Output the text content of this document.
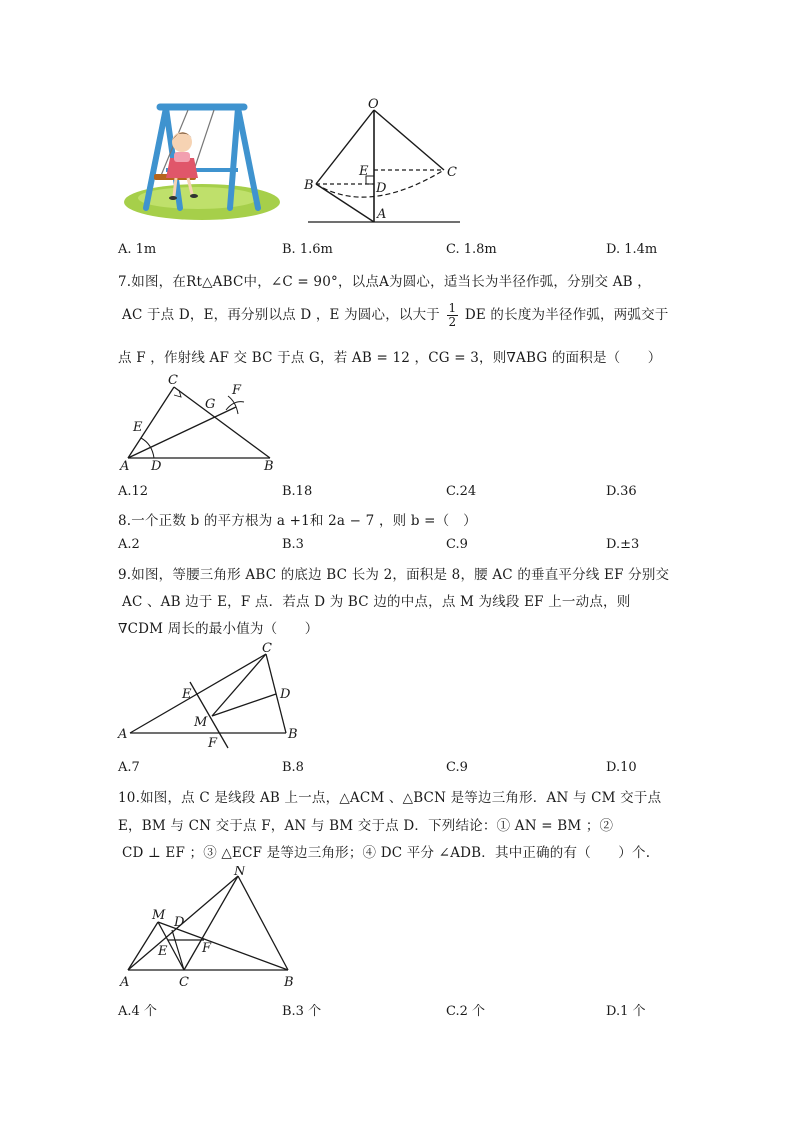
O
E	C
B	D
A
A. 1m	B. 1.6m	C. 1.8m	D. 1.4m
7.如图，在Rt△ABC中，∠C = 90°，以点A为圆心，适当长为半径作弧，分别交 AB ，
AC 于点 D，E，再分别以点 D ，E 为圆心，以大于 $\frac{1}{2}$ DE 的长度为半径作弧，两弧交于
点 F ，作射线 AF 交 BC 于点 G，若 AB = 12 ，CG = 3，则∇ABG 的面积是（　　）
C
G
F
E
A D	B
A.12	B.18	C.24	D.36
8.一个正数 b 的平方根为 a +1和 2a − 7 ，则 b =（　）
A.2	B.3	C.9	D.±3
9.如图，等腰三角形 ABC 的底边 BC 长为 2，面积是 8，腰 AC 的垂直平分线 EF 分别交
AC 、AB 边于 E，F 点．若点 D 为 BC 边的中点，点 M 为线段 EF 上一动点，则
∇CDM 周长的最小值为（　　）
C
E	D
M
A
F
B
A.7	B.8	C.9	D.10
10.如图，点 C 是线段 AB 上一点，△ACM 、△BCN 是等边三角形．AN 与 CM 交于点
E，BM 与 CN 交于点 F，AN 与 BM 交于点 D．下列结论：① AN = BM ；②
CD ⊥ EF ；③ △ECF 是等边三角形；④ DC 平分 ∠ADB．其中正确的有（　　）个.
N
M D
E	F
A	C	B
A.4 个	B.3 个	C.2 个	D.1 个
